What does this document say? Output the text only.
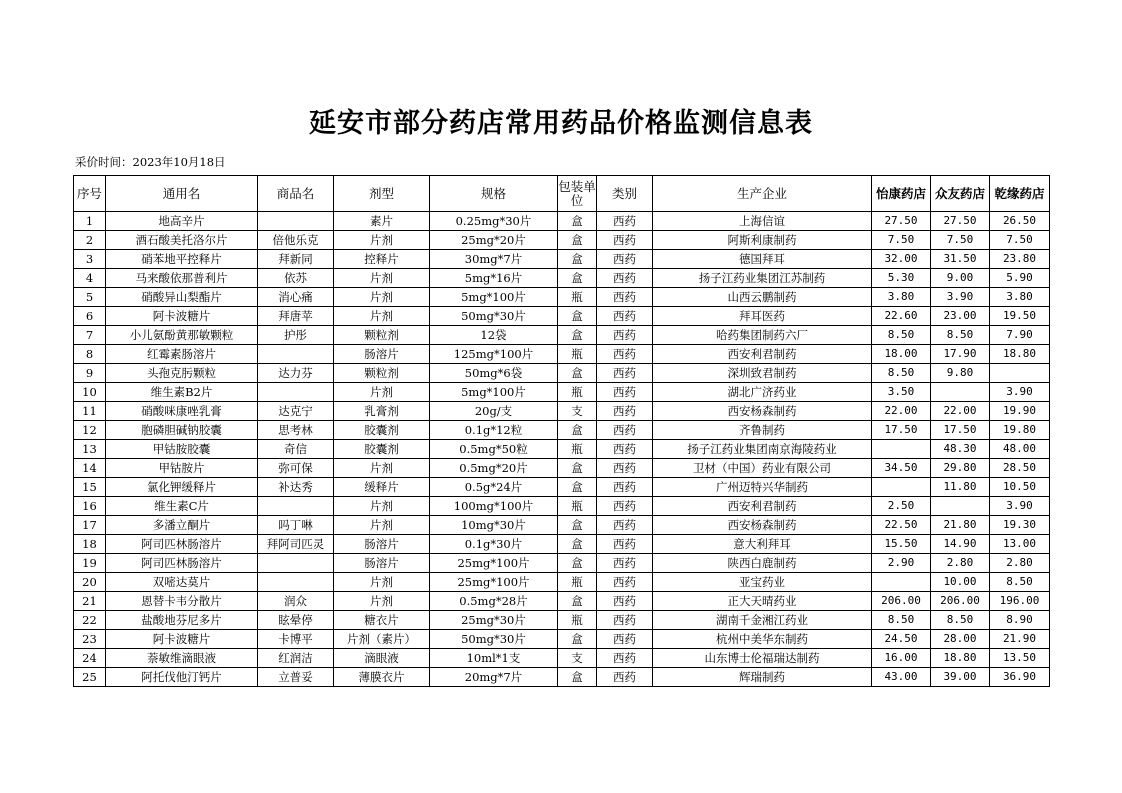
延安市部分药店常用药品价格监测信息表
采价时间：2023年10月18日
序号	通用名	商品名	剂型	规格	包装单位	类别	生产企业	怡康药店	众友药店	乾缘药店
1	地高辛片		素片	0.25mg*30片	盒	西药	上海信谊	27.50	27.50	26.50
2	酒石酸美托洛尔片	倍他乐克	片剂	25mg*20片	盒	西药	阿斯利康制药	7.50	7.50	7.50
3	硝苯地平控释片	拜新同	控释片	30mg*7片	盒	西药	德国拜耳	32.00	31.50	23.80
4	马来酸依那普利片	依苏	片剂	5mg*16片	盒	西药	扬子江药业集团江苏制药	5.30	9.00	5.90
5	硝酸异山梨酯片	消心痛	片剂	5mg*100片	瓶	西药	山西云鹏制药	3.80	3.90	3.80
6	阿卡波糖片	拜唐苹	片剂	50mg*30片	盒	西药	拜耳医药	22.60	23.00	19.50
7	小儿氨酚黄那敏颗粒	护彤	颗粒剂	12袋	盒	西药	哈药集团制药六厂	8.50	8.50	7.90
8	红霉素肠溶片		肠溶片	125mg*100片	瓶	西药	西安利君制药	18.00	17.90	18.80
9	头孢克肟颗粒	达力芬	颗粒剂	50mg*6袋	盒	西药	深圳致君制药	8.50	9.80	
10	维生素B2片		片剂	5mg*100片	瓶	西药	湖北广济药业	3.50		3.90
11	硝酸咪康唑乳膏	达克宁	乳膏剂	20g/支	支	西药	西安杨森制药	22.00	22.00	19.90
12	胞磷胆碱钠胶囊	思考林	胶囊剂	0.1g*12粒	盒	西药	齐鲁制药	17.50	17.50	19.80
13	甲钴胺胶囊	奇信	胶囊剂	0.5mg*50粒	瓶	西药	扬子江药业集团南京海陵药业		48.30	48.00
14	甲钴胺片	弥可保	片剂	0.5mg*20片	盒	西药	卫材（中国）药业有限公司	34.50	29.80	28.50
15	氯化钾缓释片	补达秀	缓释片	0.5g*24片	盒	西药	广州迈特兴华制药		11.80	10.50
16	维生素C片		片剂	100mg*100片	瓶	西药	西安利君制药	2.50		3.90
17	多潘立酮片	吗丁啉	片剂	10mg*30片	盒	西药	西安杨森制药	22.50	21.80	19.30
18	阿司匹林肠溶片	拜阿司匹灵	肠溶片	0.1g*30片	盒	西药	意大利拜耳	15.50	14.90	13.00
19	阿司匹林肠溶片		肠溶片	25mg*100片	盒	西药	陕西白鹿制药	2.90	2.80	2.80
20	双嘧达莫片		片剂	25mg*100片	瓶	西药	亚宝药业		10.00	8.50
21	恩替卡韦分散片	润众	片剂	0.5mg*28片	盒	西药	正大天晴药业	206.00	206.00	196.00
22	盐酸地芬尼多片	眩晕停	糖衣片	25mg*30片	瓶	西药	湖南千金湘江药业	8.50	8.50	8.90
23	阿卡波糖片	卡博平	片剂（素片）	50mg*30片	盒	西药	杭州中美华东制药	24.50	28.00	21.90
24	萘敏维滴眼液	红润洁	滴眼液	10ml*1支	支	西药	山东博士伦福瑞达制药	16.00	18.80	13.50
25	阿托伐他汀钙片	立普妥	薄膜衣片	20mg*7片	盒	西药	辉瑞制药	43.00	39.00	36.90
